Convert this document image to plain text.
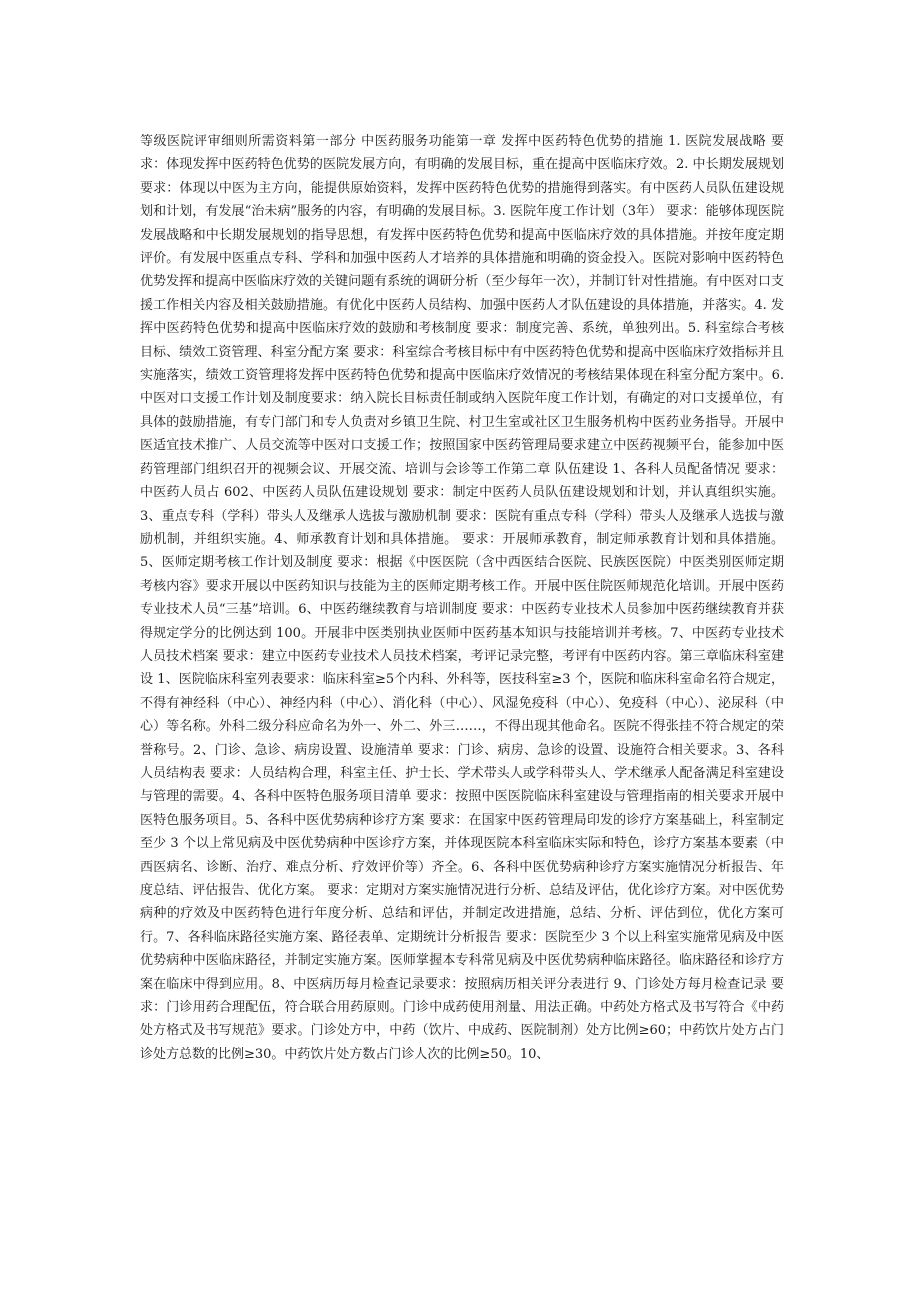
等级医院评审细则所需资料第一部分 中医药服务功能第一章 发挥中医药特色优势的措施 1. 医院发展战略 要求：体现发挥中医药特色优势的医院发展方向，有明确的发展目标，重在提高中医临床疗效。2. 中长期发展规划 要求：体现以中医为主方向，能提供原始资料，发挥中医药特色优势的措施得到落实。有中医药人员队伍建设规划和计划，有发展“治未病”服务的内容，有明确的发展目标。3. 医院年度工作计划（3年） 要求：能够体现医院发展战略和中长期发展规划的指导思想，有发挥中医药特色优势和提高中医临床疗效的具体措施。并按年度定期评价。有发展中医重点专科、学科和加强中医药人才培养的具体措施和明确的资金投入。医院对影响中医药特色优势发挥和提高中医临床疗效的关键问题有系统的调研分析（至少每年一次），并制订针对性措施。有中医对口支援工作相关内容及相关鼓励措施。有优化中医药人员结构、加强中医药人才队伍建设的具体措施，并落实。4. 发挥中医药特色优势和提高中医临床疗效的鼓励和考核制度 要求：制度完善、系统，单独列出。5. 科室综合考核目标、绩效工资管理、科室分配方案 要求：科室综合考核目标中有中医药特色优势和提高中医临床疗效指标并且实施落实，绩效工资管理将发挥中医药特色优势和提高中医临床疗效情况的考核结果体现在科室分配方案中。6.中医对口支援工作计划及制度要求：纳入院长目标责任制或纳入医院年度工作计划，有确定的对口支援单位，有具体的鼓励措施，有专门部门和专人负责对乡镇卫生院、村卫生室或社区卫生服务机构中医药业务指导。开展中医适宜技术推广、人员交流等中医对口支援工作；按照国家中医药管理局要求建立中医药视频平台，能参加中医药管理部门组织召开的视频会议、开展交流、培训与会诊等工作第二章 队伍建设 1、各科人员配备情况 要求：中医药人员占 602、中医药人员队伍建设规划 要求：制定中医药人员队伍建设规划和计划，并认真组织实施。3、重点专科（学科）带头人及继承人选拔与激励机制 要求：医院有重点专科（学科）带头人及继承人选拔与激励机制，并组织实施。4、师承教育计划和具体措施。 要求：开展师承教育，制定师承教育计划和具体措施。5、医师定期考核工作计划及制度 要求：根据《中医医院（含中西医结合医院、民族医医院）中医类别医师定期考核内容》要求开展以中医药知识与技能为主的医师定期考核工作。开展中医住院医师规范化培训。开展中医药专业技术人员“三基”培训。6、中医药继续教育与培训制度 要求：中医药专业技术人员参加中医药继续教育并获得规定学分的比例达到 100。开展非中医类别执业医师中医药基本知识与技能培训并考核。7、中医药专业技术人员技术档案 要求：建立中医药专业技术人员技术档案，考评记录完整，考评有中医药内容。第三章临床科室建设 1、医院临床科室列表要求：临床科室≥5个内科、外科等，医技科室≥3 个，医院和临床科室命名符合规定，不得有神经科（中心）、神经内科（中心）、消化科（中心）、风湿免疫科（中心）、免疫科（中心）、泌尿科（中心）等名称。外科二级分科应命名为外一、外二、外三……，不得出现其他命名。医院不得张挂不符合规定的荣誉称号。2、门诊、急诊、病房设置、设施清单 要求：门诊、病房、急诊的设置、设施符合相关要求。3、各科人员结构表 要求：人员结构合理，科室主任、护士长、学术带头人或学科带头人、学术继承人配备满足科室建设与管理的需要。4、各科中医特色服务项目清单 要求：按照中医医院临床科室建设与管理指南的相关要求开展中医特色服务项目。5、各科中医优势病种诊疗方案 要求：在国家中医药管理局印发的诊疗方案基础上，科室制定至少 3 个以上常见病及中医优势病种中医诊疗方案，并体现医院本科室临床实际和特色，诊疗方案基本要素（中西医病名、诊断、治疗、难点分析、疗效评价等）齐全。6、各科中医优势病种诊疗方案实施情况分析报告、年度总结、评估报告、优化方案。 要求：定期对方案实施情况进行分析、总结及评估，优化诊疗方案。对中医优势病种的疗效及中医药特色进行年度分析、总结和评估，并制定改进措施，总结、分析、评估到位，优化方案可行。7、各科临床路径实施方案、路径表单、定期统计分析报告 要求：医院至少 3 个以上科室实施常见病及中医优势病种中医临床路径，并制定实施方案。医师掌握本专科常见病及中医优势病种临床路径。临床路径和诊疗方案在临床中得到应用。8、中医病历每月检查记录要求：按照病历相关评分表进行 9、门诊处方每月检查记录 要求：门诊用药合理配伍，符合联合用药原则。门诊中成药使用剂量、用法正确。中药处方格式及书写符合《中药处方格式及书写规范》要求。门诊处方中，中药（饮片、中成药、医院制剂）处方比例≥60；中药饮片处方占门诊处方总数的比例≥30。中药饮片处方数占门诊人次的比例≥50。10、
